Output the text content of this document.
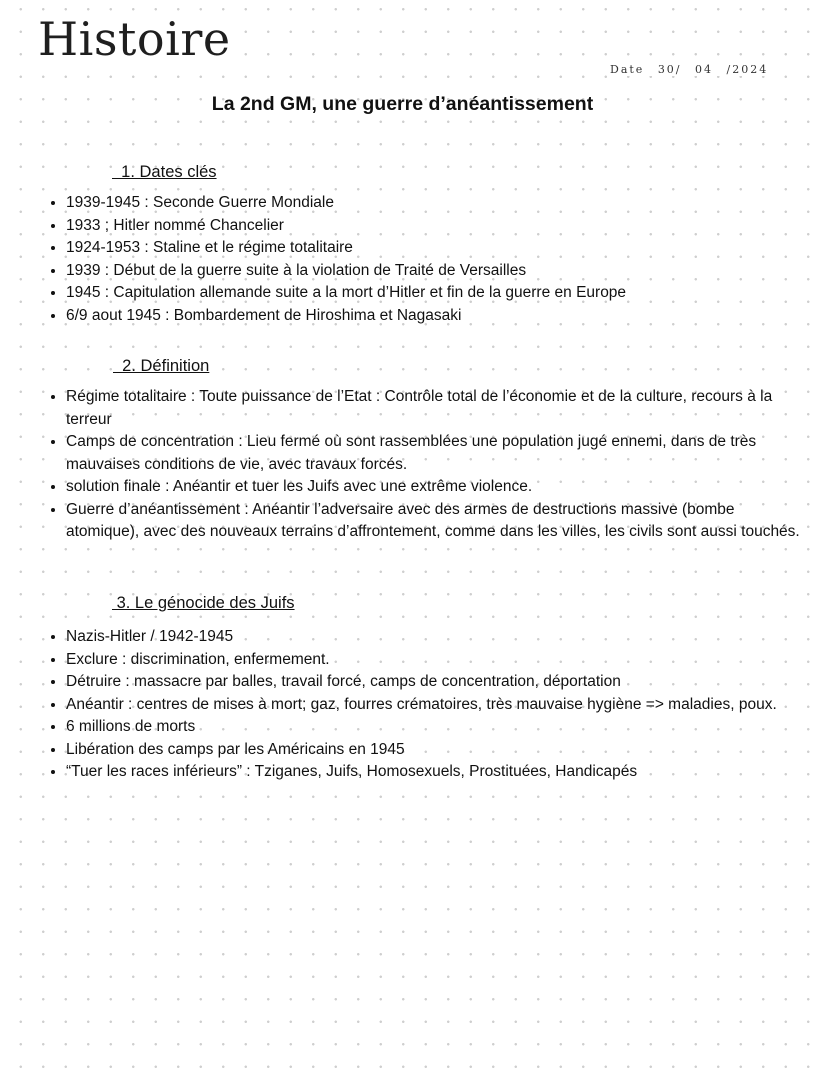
Histoire
Date 30/ 04 /2024
La 2nd GM, une guerre d’anéantissement
1. Dates clés
• 1939-1945 : Seconde Guerre Mondiale
• 1933 ; Hitler nommé Chancelier
• 1924-1953 : Staline et le régime totalitaire
• 1939 : Début de la guerre suite à la violation de Traité de Versailles
• 1945 : Capitulation allemande suite a la mort d’Hitler et fin de la guerre en Europe
• 6/9 aout 1945 : Bombardement de Hiroshima et Nagasaki
2. Définition
• Régime totalitaire : Toute puissance de l’Etat : Contrôle total de l’économie et de la culture, recours à la terreur
• Camps de concentration : Lieu fermé où sont rassemblées une population jugé ennemi, dans de très mauvaises conditions de vie, avec travaux forcés.
• solution finale : Anéantir et tuer les Juifs avec une extrême violence.
• Guerre d’anéantissement : Anéantir l’adversaire avec des armes de destructions massive (bombe atomique), avec des nouveaux terrains d’affrontement, comme dans les villes, les civils sont aussi touchés.
3. Le génocide des Juifs
• Nazis-Hitler / 1942-1945
• Exclure : discrimination, enfermement.
• Détruire : massacre par balles, travail forcé, camps de concentration, déportation
• Anéantir : centres de mises à mort; gaz, fourres crématoires, très mauvaise hygiène => maladies, poux.
• 6 millions de morts
• Libération des camps par les Américains en 1945
• “Tuer les races inférieurs” : Tziganes, Juifs, Homosexuels, Prostituées, Handicapés
